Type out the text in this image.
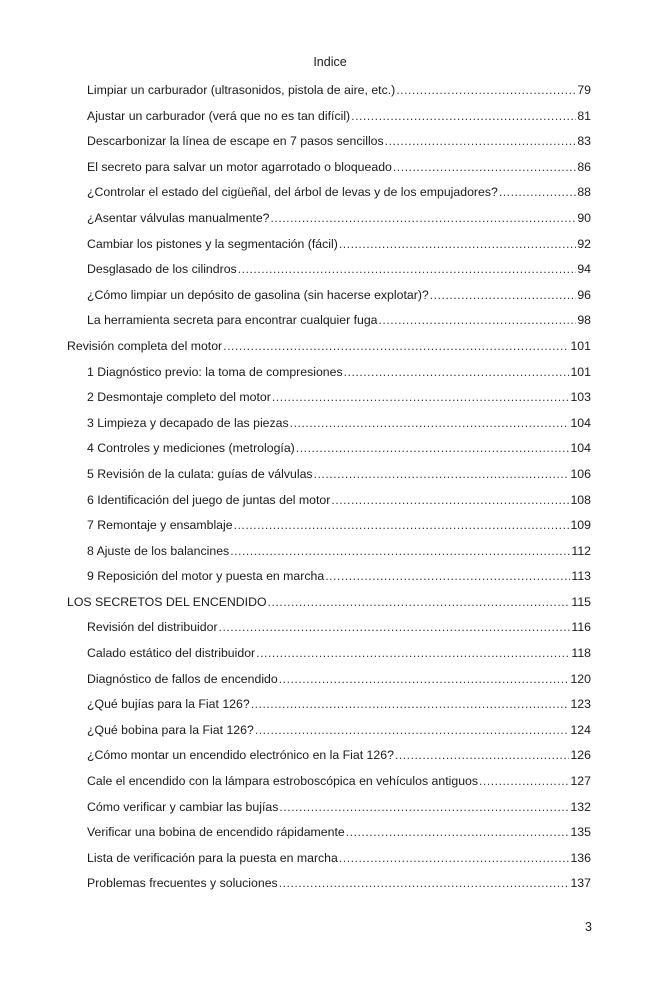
Indice
Limpiar un carburador (ultrasonidos, pistola de aire, etc.) .....	79
Ajustar un carburador (verá que no es tan difícil) .....	81
Descarbonizar la línea de escape en 7 pasos sencillos .....	83
El secreto para salvar un motor agarrotado o bloqueado .....	86
¿Controlar el estado del cigüeñal, del árbol de levas y de los empujadores? .....	88
¿Asentar válvulas manualmente? .....	90
Cambiar los pistones y la segmentación (fácil) .....	92
Desglasado de los cilindros .....	94
¿Cómo limpiar un depósito de gasolina (sin hacerse explotar)? .....	96
La herramienta secreta para encontrar cualquier fuga .....	98
Revisión completa del motor .....	101
1 Diagnóstico previo: la toma de compresiones .....	101
2 Desmontaje completo del motor .....	103
3 Limpieza y decapado de las piezas .....	104
4 Controles y mediciones (metrología) .....	104
5 Revisión de la culata: guías de válvulas .....	106
6 Identificación del juego de juntas del motor .....	108
7 Remontaje y ensamblaje .....	109
8 Ajuste de los balancines .....	112
9 Reposición del motor y puesta en marcha .....	113
LOS SECRETOS DEL ENCENDIDO .....	115
Revisión del distribuidor .....	116
Calado estático del distribuidor .....	118
Diagnóstico de fallos de encendido .....	120
¿Qué bujías para la Fiat 126? .....	123
¿Qué bobina para la Fiat 126? .....	124
¿Cómo montar un encendido electrónico en la Fiat 126? .....	126
Cale el encendido con la lámpara estroboscópica en vehículos antiguos .....	127
Cómo verificar y cambiar las bujías .....	132
Verificar una bobina de encendido rápidamente .....	135
Lista de verificación para la puesta en marcha .....	136
Problemas frecuentes y soluciones .....	137
3
